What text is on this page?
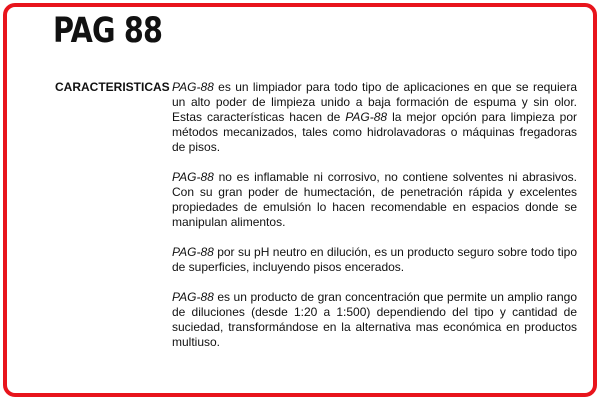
PAG 88
CARACTERISTICAS PAG-88 es un limpiador para todo tipo de aplicaciones en que se requiera un alto poder de limpieza unido a baja formación de espuma y sin olor. Estas características hacen de PAG-88 la mejor opción para limpieza por métodos mecanizados, tales como hidrolavadoras o máquinas fregadoras de pisos.

PAG-88 no es inflamable ni corrosivo, no contiene solventes ni abrasivos. Con su gran poder de humectación, de penetración rápida y excelentes propiedades de emulsión lo hacen recomendable en espacios donde se manipulan alimentos.

PAG-88 por su pH neutro en dilución, es un producto seguro sobre todo tipo de superficies, incluyendo pisos encerados.

PAG-88 es un producto de gran concentración que permite un amplio rango de diluciones (desde 1:20 a 1:500) dependiendo del tipo y cantidad de suciedad, transformándose en la alternativa mas económica en productos multiuso.
